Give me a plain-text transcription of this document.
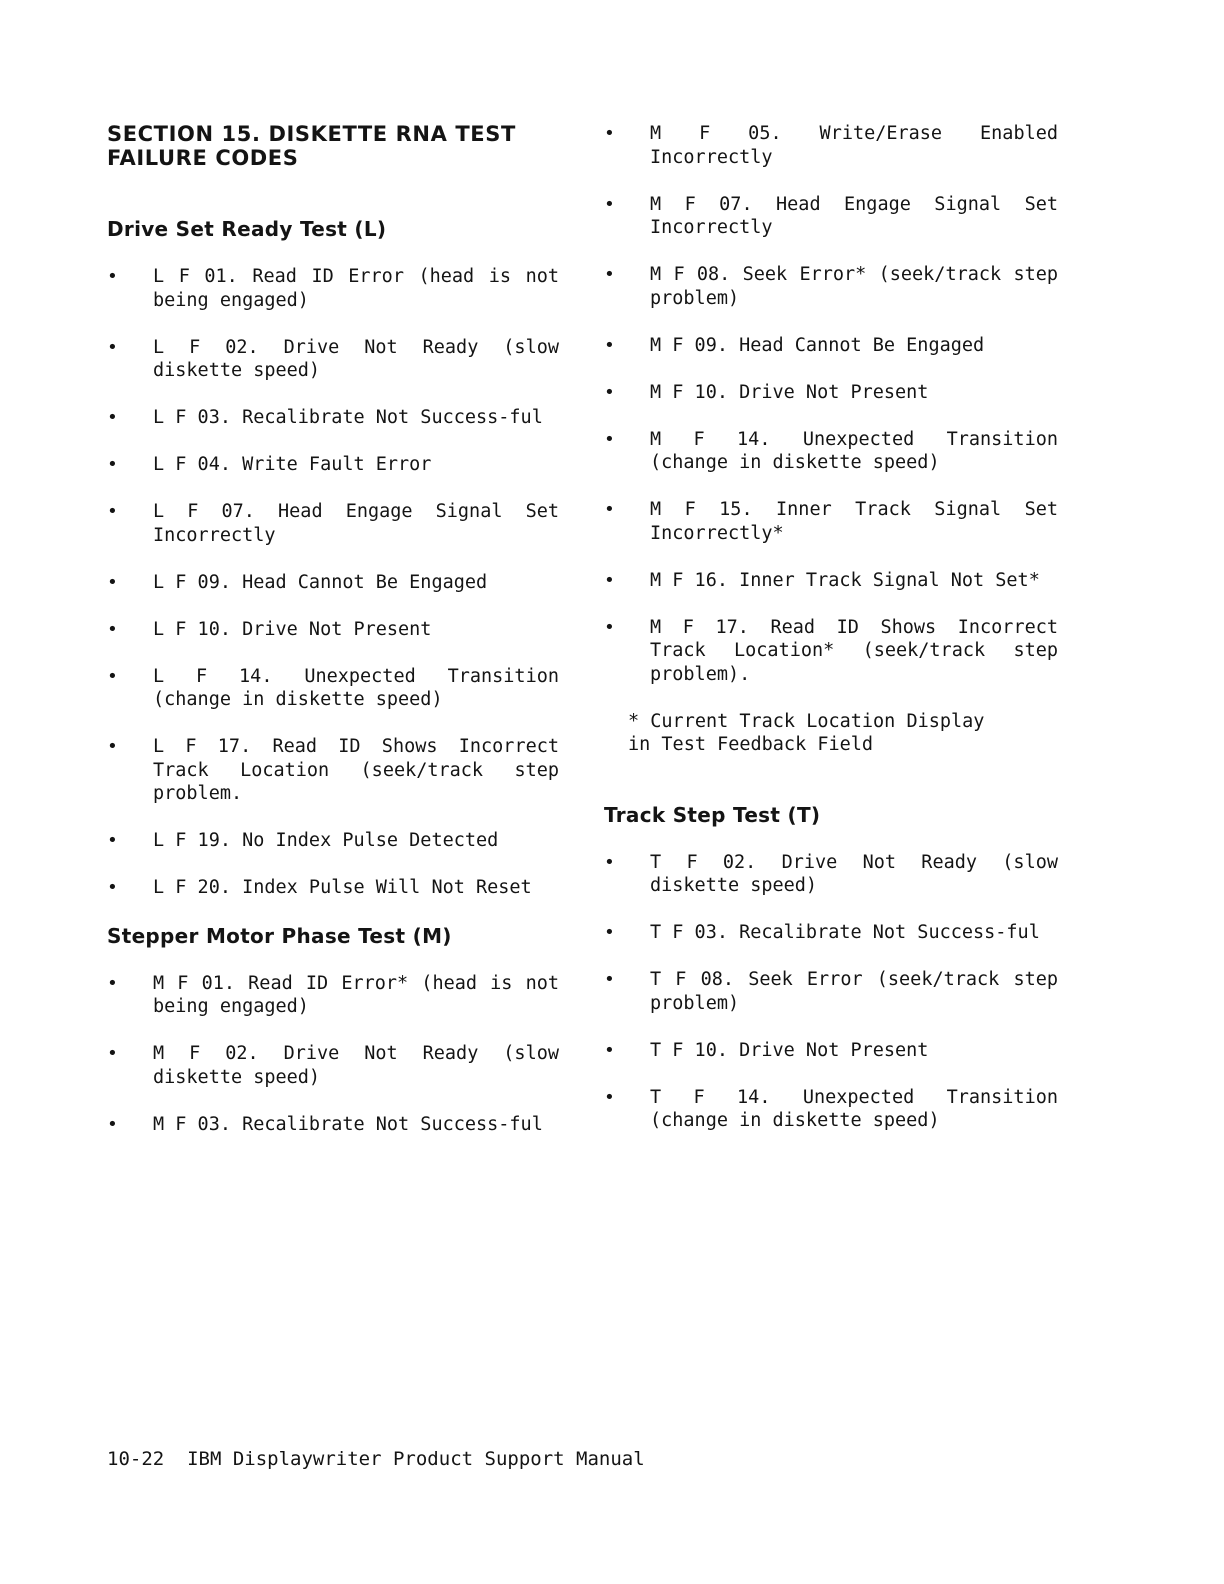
SECTION 15. DISKETTE RNA TEST
FAILURE CODES
Drive Set Ready Test (L)
• L F 01. Read ID Error (head is not being engaged)
• L F 02. Drive Not Ready (slow diskette speed)
• L F 03. Recalibrate Not Success-ful
• L F 04. Write Fault Error
• L F 07. Head Engage Signal Set Incorrectly
• L F 09. Head Cannot Be Engaged
• L F 10. Drive Not Present
• L F 14. Unexpected Transition (change in diskette speed)
• L F 17. Read ID Shows Incorrect Track Location (seek/track step problem.
• L F 19. No Index Pulse Detected
• L F 20. Index Pulse Will Not Reset
Stepper Motor Phase Test (M)
• M F 01. Read ID Error* (head is not being engaged)
• M F 02. Drive Not Ready (slow diskette speed)
• M F 03. Recalibrate Not Success-ful
• M F 05. Write/Erase Enabled Incorrectly
• M F 07. Head Engage Signal Set Incorrectly
• M F 08. Seek Error* (seek/track step problem)
• M F 09. Head Cannot Be Engaged
• M F 10. Drive Not Present
• M F 14. Unexpected Transition (change in diskette speed)
• M F 15. Inner Track Signal Set Incorrectly*
• M F 16. Inner Track Signal Not Set*
• M F 17. Read ID Shows Incorrect Track Location* (seek/track step problem).
* Current Track Location Display
in Test Feedback Field
Track Step Test (T)
• T F 02. Drive Not Ready (slow diskette speed)
• T F 03. Recalibrate Not Success-ful
• T F 08. Seek Error (seek/track step problem)
• T F 10. Drive Not Present
• T F 14. Unexpected Transition (change in diskette speed)
10-22 IBM Displaywriter Product Support Manual
